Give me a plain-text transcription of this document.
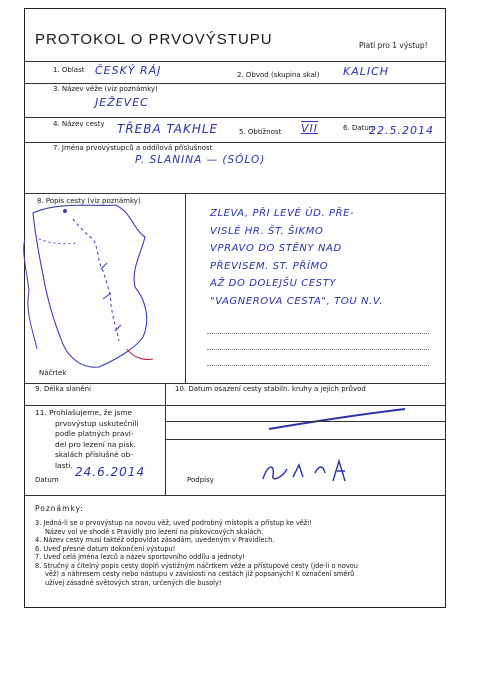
PROTOKOL O PRVOVÝSTUPU	Platí pro 1 výstup!
1. Oblast ČESKÝ RÁJ	2. Obvod (skupina skal) KALICH
3. Název věže (viz poznámky)
JEŽEVEC
4. Název cesty TŘEBA TAKHLE	5. Obtížnost VII	6. Datum
22.5.2014
7. Jména prvovýstupců a oddílová příslušnost
P. SLANINA — (SÓLO)
8. Popis cesty (viz poznámky)
ZLEVA, PŘI LEVÉ ÚD. PŘE-
VISLÉ HR. ŠT. ŠIKMO
VPRAVO DO STĚNY NAD
PŘEVISEM. ST. PŘÍMO
AŽ DO DOLEJŠU CESTY
"VAGNEROVA CESTA", TOU N.V.
Náčrtek
9. Délka slanění	10. Datum osazení cesty stabiln. kruhy a jejich průvod
11. Prohlašujeme, že jsme
prvovýstup uskutečnili
podle platných pravi-
del pro lezení na písk.
skalách příslušné ob-
lasti.
Datum
24.6.2014
Podpisy
Poznámky:
3. Jedná-li se o prvovýstup na novou věž, uveď podrobný místopis a přístup ke věži!
Název vol ve shodě s Pravidly pro lezení na pískovcových skalách.
4. Název cesty musí taktéž odpovídat zásadám, uvedeným v Pravidlech.
6. Uveď přesné datum dokončení výstupu!
7. Uveď celá jména lezců a název sportovního oddílu a jednoty!
8. Stručný a čitelný popis cesty doplň výstižným náčrtkem věže a přístupové cesty (jde-li o novou
věž) a náhresem cesty nebo nástupu v závislosti na cestách již popsaných! K označení směrů
užívej zásadně světových stran, určených dle busoly!
